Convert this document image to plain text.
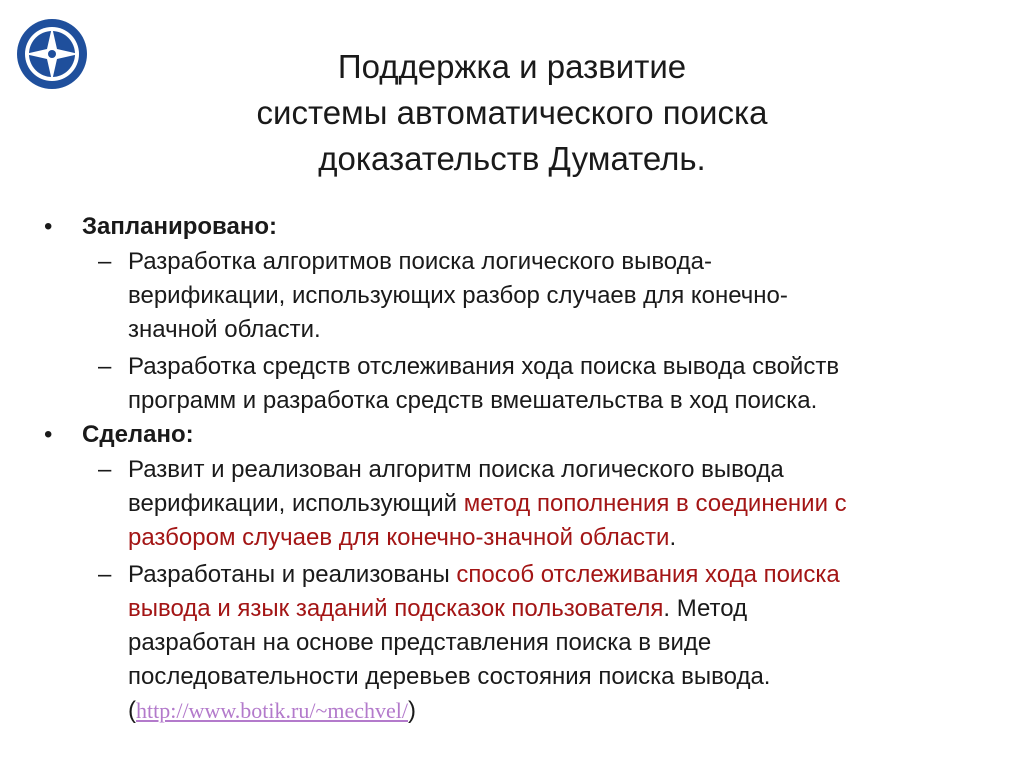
Поддержка и развитие
системы автоматического поиска
доказательств Думатель.
• Запланировано:
– Разработка алгоритмов поиска логического вывода-
верификации, использующих разбор случаев для конечно-
значной области.
– Разработка средств отслеживания хода поиска вывода свойств
программ и разработка средств вмешательства в ход поиска.
• Сделано:
– Развит и реализован алгоритм поиска логического вывода
верификации, использующий метод пополнения в соединении с
разбором случаев для конечно-значной области.
– Разработаны и реализованы способ отслеживания хода поиска
вывода и язык заданий подсказок пользователя. Метод
разработан на основе представления поиска в виде
последовательности деревьев состояния поиска вывода.
(http://www.botik.ru/~mechvel/)
